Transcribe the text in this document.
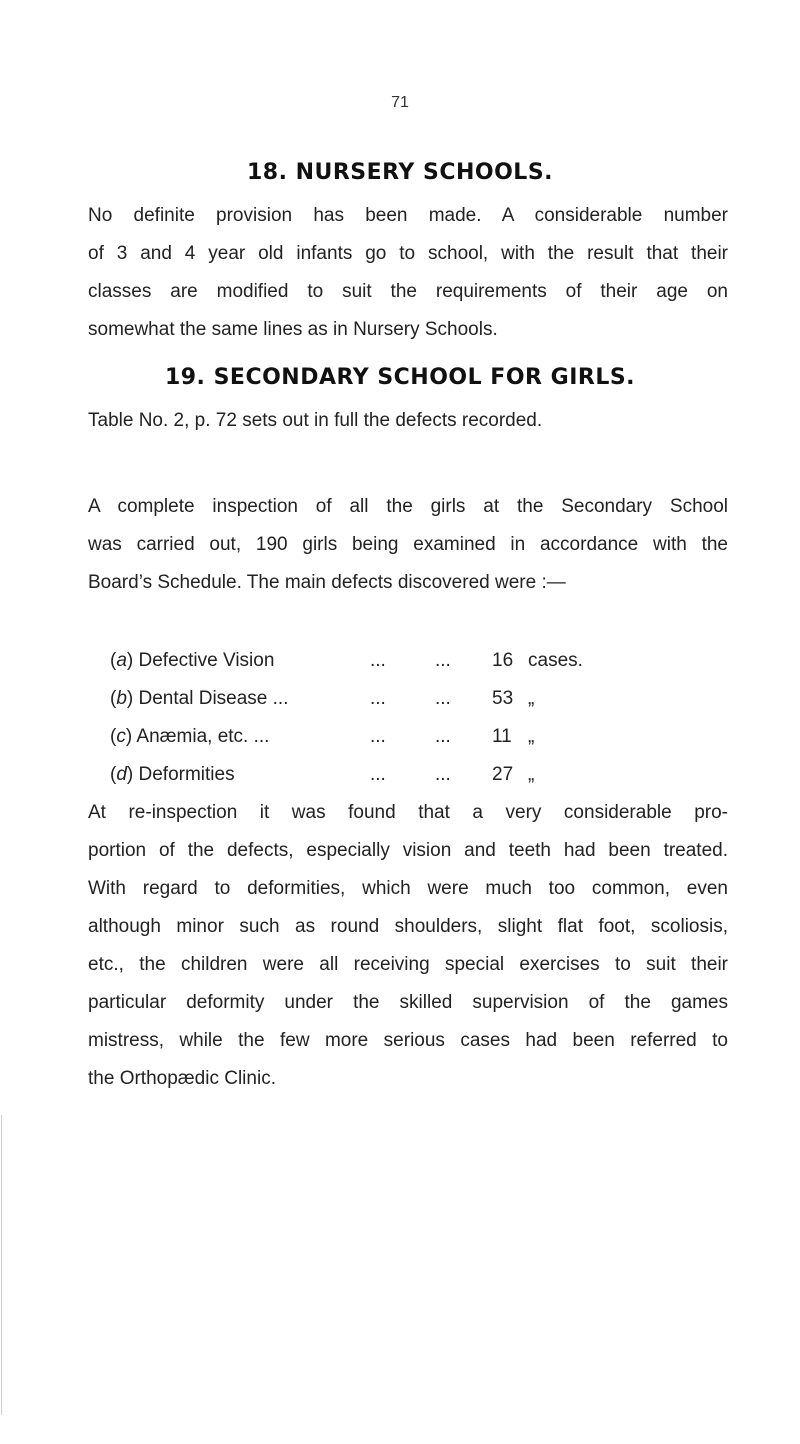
71
18. NURSERY SCHOOLS.
No definite provision has been made. A considerable number
of 3 and 4 year old infants go to school, with the result that their
classes are modified to suit the requirements of their age on
somewhat the same lines as in Nursery Schools.
19. SECONDARY SCHOOL FOR GIRLS.
Table No. 2, p. 72 sets out in full the defects recorded.
A complete inspection of all the girls at the Secondary School
was carried out, 190 girls being examined in accordance with the
Board’s Schedule. The main defects discovered were :—
(a) Defective Vision	...	... 16 cases.
(b) Dental Disease ...	...	... 53 „
(c) Anæmia, etc. ...	...	... 11 „
(d) Deformities	...	... 27 „
At re-inspection it was found that a very considerable pro-
portion of the defects, especially vision and teeth had been treated.
With regard to deformities, which were much too common, even
although minor such as round shoulders, slight flat foot, scoliosis,
etc., the children were all receiving special exercises to suit their
particular deformity under the skilled supervision of the games
mistress, while the few more serious cases had been referred to
the Orthopædic Clinic.
